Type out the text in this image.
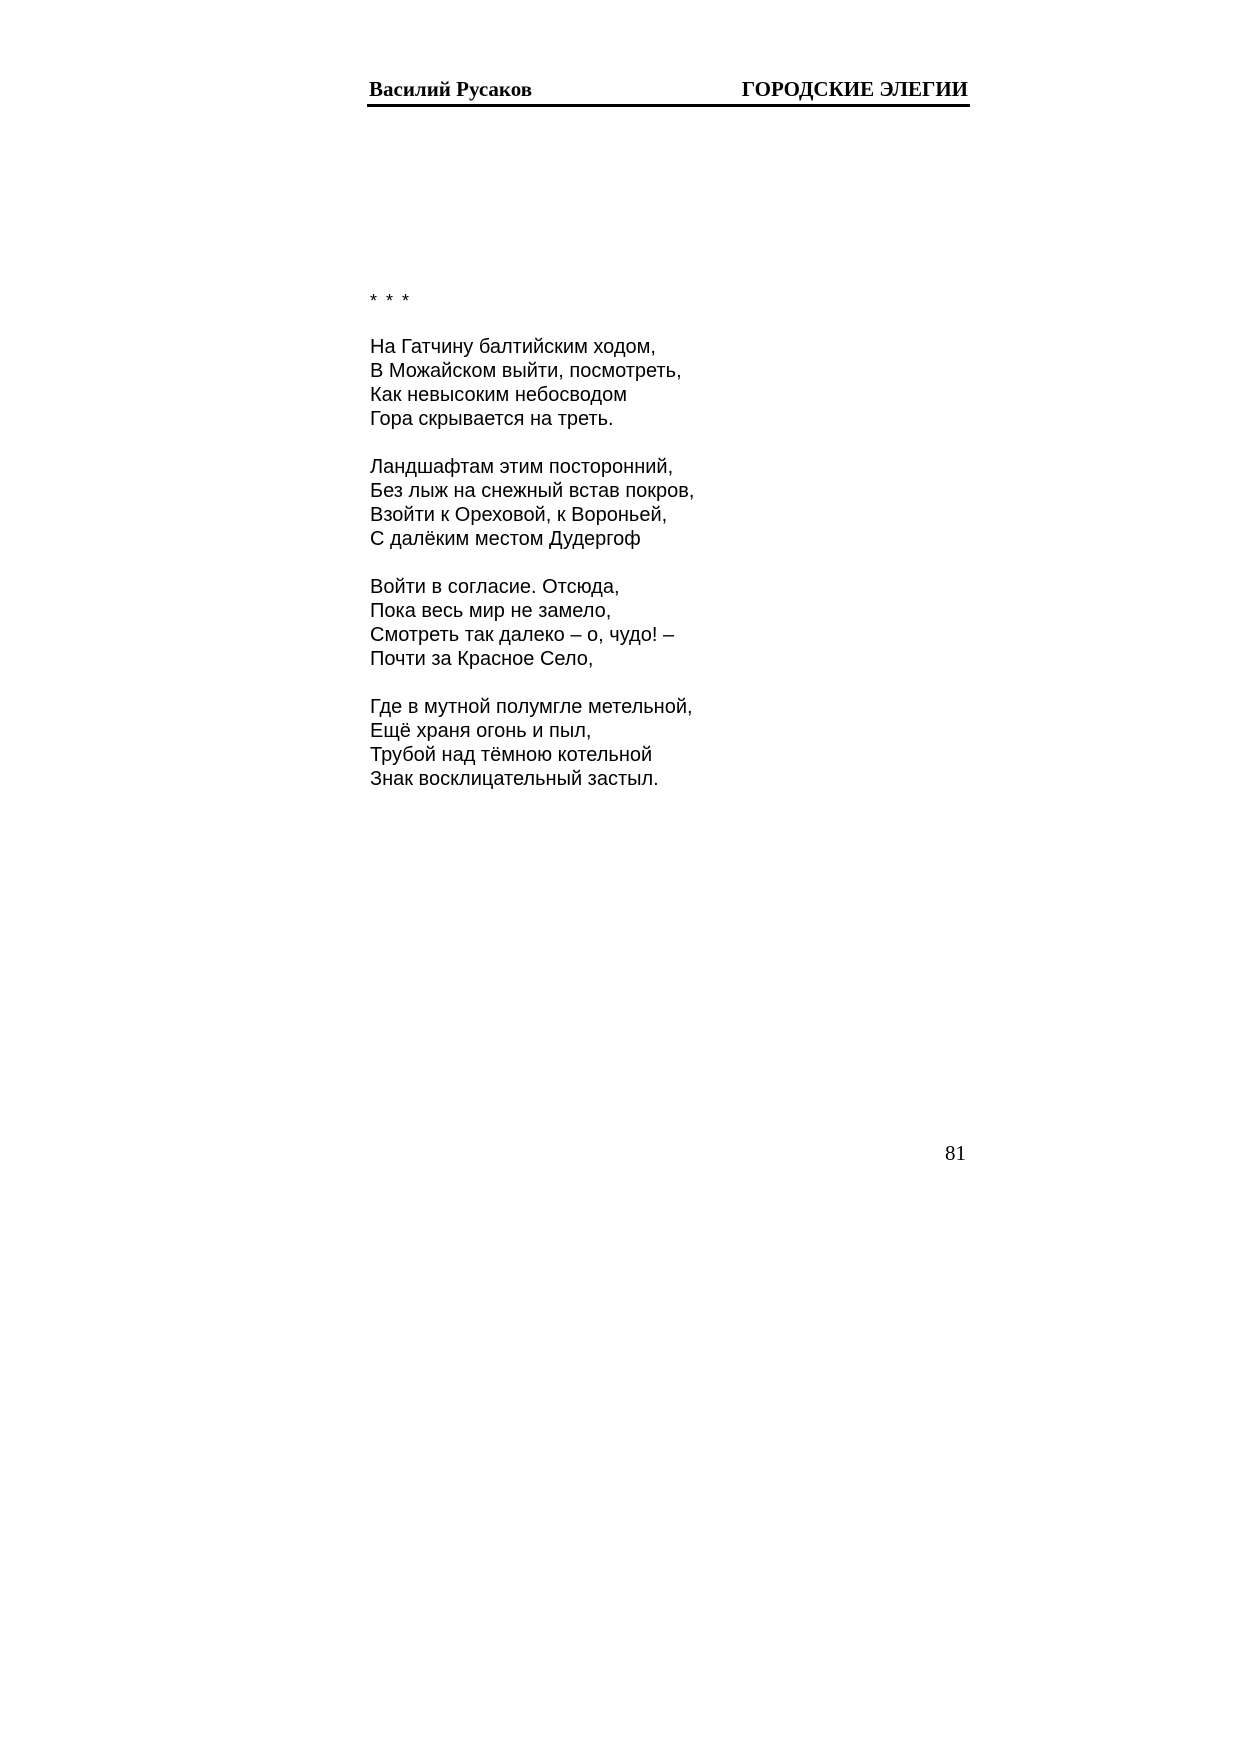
Василий Русаков	ГОРОДСКИЕ ЭЛЕГИИ
* * *
На Гатчину балтийским ходом,
В Можайском выйти, посмотреть,
Как невысоким небосводом
Гора скрывается на треть.
Ландшафтам этим посторонний,
Без лыж на снежный встав покров,
Взойти к Ореховой, к Вороньей,
С далёким местом Дудергоф
Войти в согласие. Отсюда,
Пока весь мир не замело,
Смотреть так далеко – о, чудо! –
Почти за Красное Село,
Где в мутной полумгле метельной,
Ещё храня огонь и пыл,
Трубой над тёмною котельной
Знак восклицательный застыл.
81
